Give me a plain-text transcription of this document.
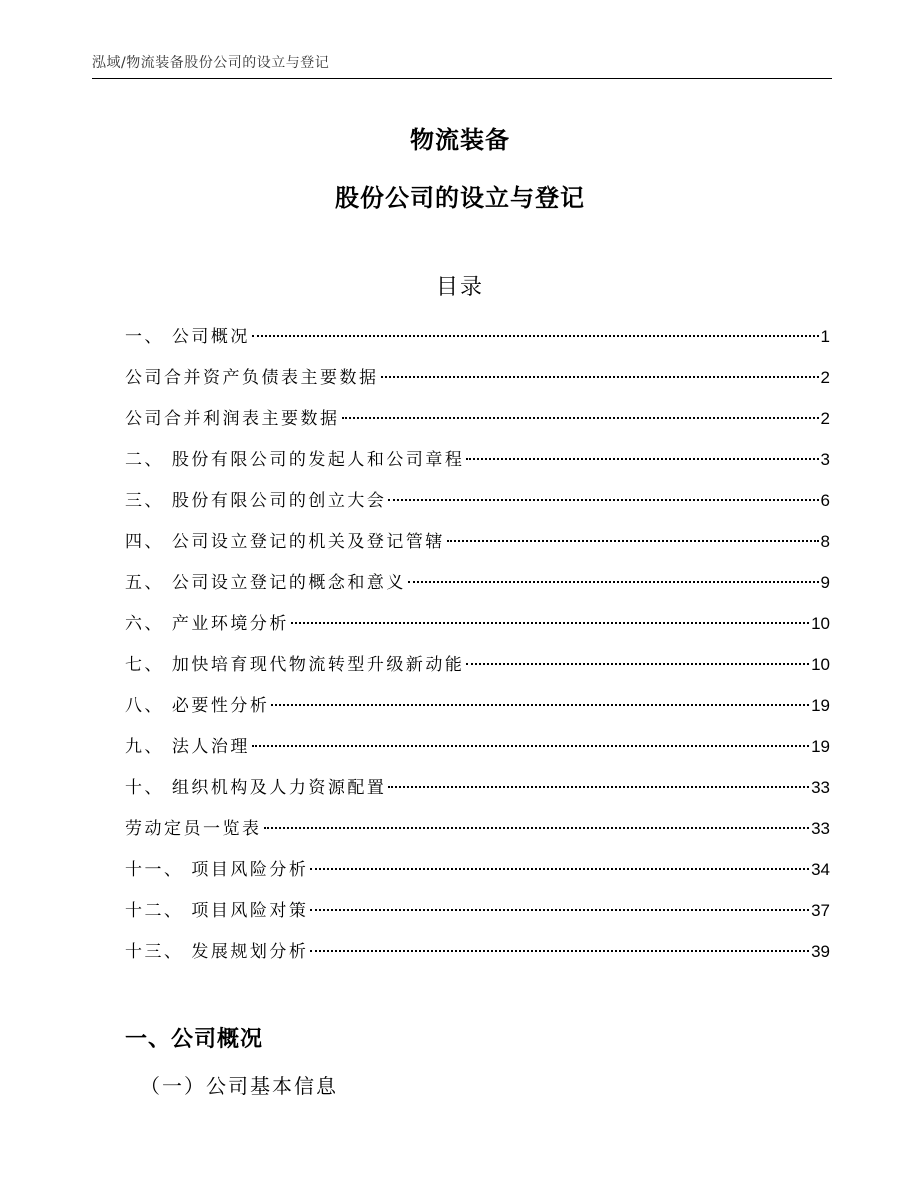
泓域/物流装备股份公司的设立与登记
物流装备
股份公司的设立与登记
目录
一、 公司概况	1
公司合并资产负债表主要数据	2
公司合并利润表主要数据	2
二、 股份有限公司的发起人和公司章程	3
三、 股份有限公司的创立大会	6
四、 公司设立登记的机关及登记管辖	8
五、 公司设立登记的概念和意义	9
六、 产业环境分析	10
七、 加快培育现代物流转型升级新动能	10
八、 必要性分析	19
九、 法人治理	19
十、 组织机构及人力资源配置	33
劳动定员一览表	33
十一、 项目风险分析	34
十二、 项目风险对策	37
十三、 发展规划分析	39
一、公司概况
（一）公司基本信息
